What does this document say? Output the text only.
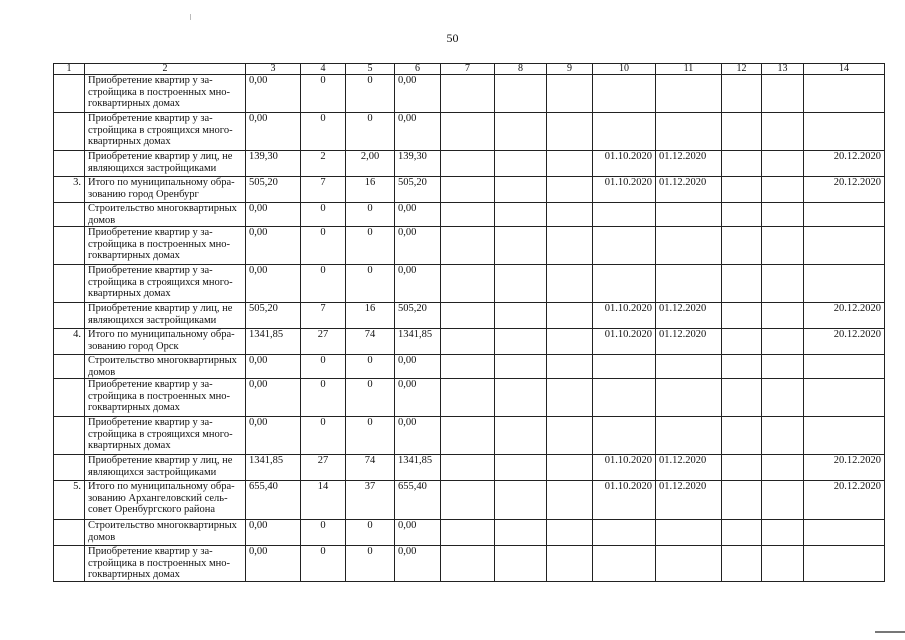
50
1	2	3	4	5	6	7	8	9	10	11	12	13	14
	Приобретение квартир у за-
стройщика в построенных мно-
гоквартирных домах	0,00	0	0	0,00								
	Приобретение квартир у за-
стройщика в строящихся много-
квартирных домах	0,00	0	0	0,00								
	Приобретение квартир у лиц, не
являющихся застройщиками	139,30	2	2,00	139,30				01.10.2020	01.12.2020			20.12.2020
3.	Итого по муниципальному обра-
зованию город Оренбург	505,20	7	16	505,20				01.10.2020	01.12.2020			20.12.2020
	Строительство многоквартирных
домов	0,00	0	0	0,00								
	Приобретение квартир у за-
стройщика в построенных мно-
гоквартирных домах	0,00	0	0	0,00								
	Приобретение квартир у за-
стройщика в строящихся много-
квартирных домах	0,00	0	0	0,00								
	Приобретение квартир у лиц, не
являющихся застройщиками	505,20	7	16	505,20				01.10.2020	01.12.2020			20.12.2020
4.	Итого по муниципальному обра-
зованию город Орск	1341,85	27	74	1341,85				01.10.2020	01.12.2020			20.12.2020
	Строительство многоквартирных
домов	0,00	0	0	0,00								
	Приобретение квартир у за-
стройщика в построенных мно-
гоквартирных домах	0,00	0	0	0,00								
	Приобретение квартир у за-
стройщика в строящихся много-
квартирных домах	0,00	0	0	0,00								
	Приобретение квартир у лиц, не
являющихся застройщиками	1341,85	27	74	1341,85				01.10.2020	01.12.2020			20.12.2020
5.	Итого по муниципальному обра-
зованию Архангеловский сель-
совет Оренбургского района	655,40	14	37	655,40				01.10.2020	01.12.2020			20.12.2020
	Строительство многоквартирных
домов	0,00	0	0	0,00								
	Приобретение квартир у за-
стройщика в построенных мно-
гоквартирных домах	0,00	0	0	0,00								
